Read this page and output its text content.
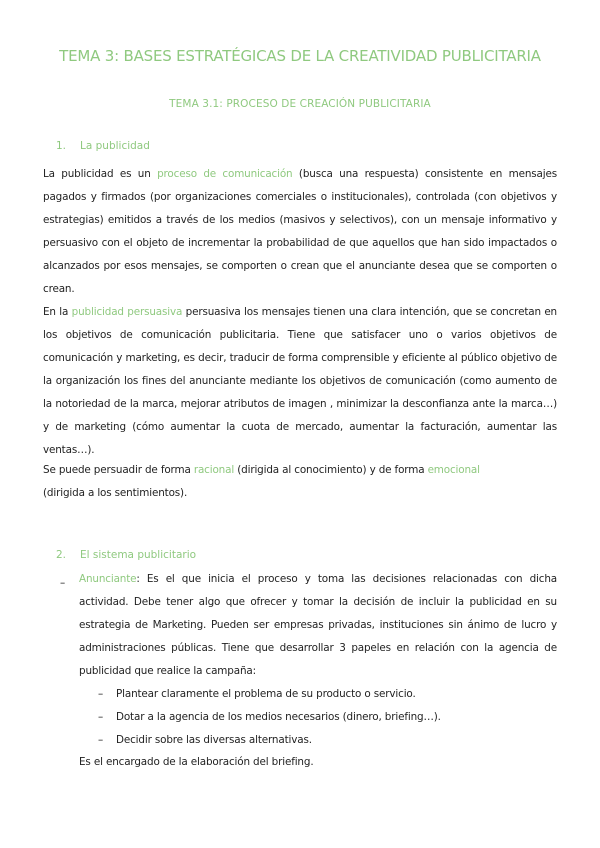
TEMA 3: BASES ESTRATÉGICAS DE LA CREATIVIDAD PUBLICITARIA
TEMA 3.1: PROCESO DE CREACIÓN PUBLICITARIA
1. La publicidad
La publicidad es un proceso de comunicación (busca una respuesta) consistente en mensajes pagados y firmados (por organizaciones comerciales o institucionales), controlada (con objetivos y estrategias) emitidos a través de los medios (masivos y selectivos), con un mensaje informativo y persuasivo con el objeto de incrementar la probabilidad de que aquellos que han sido impactados o alcanzados por esos mensajes, se comporten o crean que el anunciante desea que se comporten o crean.
En la publicidad persuasiva persuasiva los mensajes tienen una clara intención, que se concretan en los objetivos de comunicación publicitaria. Tiene que satisfacer uno o varios objetivos de comunicación y marketing, es decir, traducir de forma comprensible y eficiente al público objetivo de la organización los fines del anunciante mediante los objetivos de comunicación (como aumento de la notoriedad de la marca, mejorar atributos de imagen , minimizar la desconfianza ante la marca…) y de marketing (cómo aumentar la cuota de mercado, aumentar la facturación, aumentar las ventas…).
Se puede persuadir de forma racional (dirigida al conocimiento) y de forma emocional
(dirigida a los sentimientos).
2. El sistema publicitario
– Anunciante: Es el que inicia el proceso y toma las decisiones relacionadas con dicha actividad. Debe tener algo que ofrecer y tomar la decisión de incluir la publicidad en su estrategia de Marketing. Pueden ser empresas privadas, instituciones sin ánimo de lucro y administraciones públicas. Tiene que desarrollar 3 papeles en relación con la agencia de publicidad que realice la campaña:
– Plantear claramente el problema de su producto o servicio.
– Dotar a la agencia de los medios necesarios (dinero, briefing…).
– Decidir sobre las diversas alternativas.
Es el encargado de la elaboración del briefing.
